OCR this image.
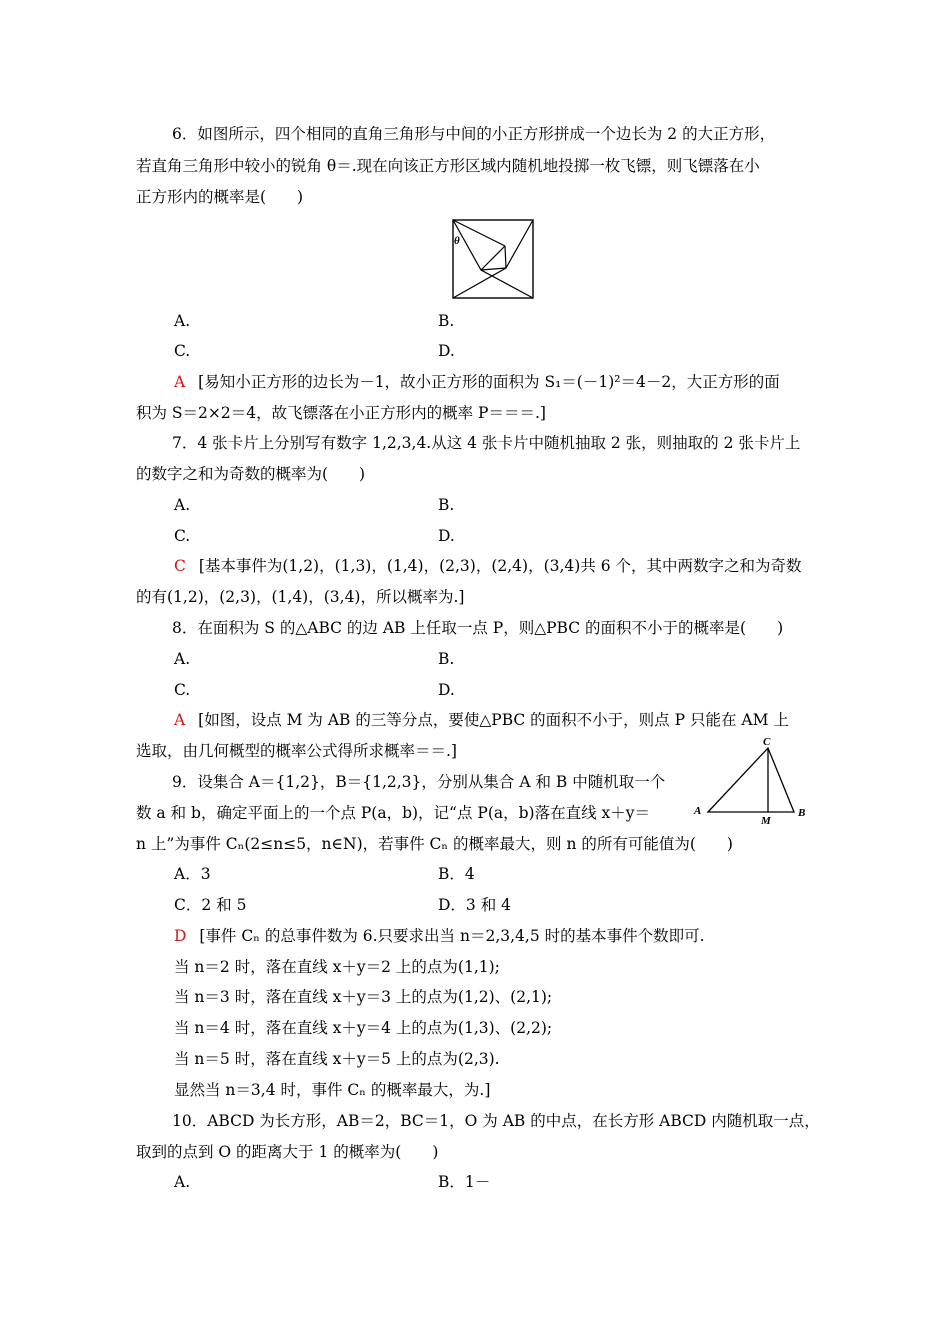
6．如图所示，四个相同的直角三角形与中间的小正方形拼成一个边长为 2 的大正方形，
若直角三角形中较小的锐角 θ＝.现在向该正方形区域内随机地投掷一枚飞镖，则飞镖落在小
正方形内的概率是(　　)
θ
A.	B.
C.	D.
A [易知小正方形的边长为－1，故小正方形的面积为 S₁＝(－1)²＝4－2，大正方形的面
积为 S＝2×2＝4，故飞镖落在小正方形内的概率 P＝＝＝.]
7．4 张卡片上分别写有数字 1,2,3,4.从这 4 张卡片中随机抽取 2 张，则抽取的 2 张卡片上
的数字之和为奇数的概率为(　　)
A.	B.
C.	D.
C [基本事件为(1,2)，(1,3)，(1,4)，(2,3)，(2,4)，(3,4)共 6 个，其中两数字之和为奇数
的有(1,2)，(2,3)，(1,4)，(3,4)，所以概率为.]
8．在面积为 S 的△ABC 的边 AB 上任取一点 P，则△PBC 的面积不小于的概率是(　　)
A.	B.
C.	D.
A [如图，设点 M 为 AB 的三等分点，要使△PBC 的面积不小于，则点 P 只能在 AM 上
选取，由几何概型的概率公式得所求概率＝＝.]	C
A	B
M
9．设集合 A＝{1,2}，B＝{1,2,3}，分别从集合 A 和 B 中随机取一个
数 a 和 b，确定平面上的一个点 P(a，b)，记“点 P(a，b)落在直线 x＋y＝
n 上”为事件 Cₙ(2≤n≤5，n∈N)，若事件 Cₙ 的概率最大，则 n 的所有可能值为(　　)
A．3	B．4
C．2 和 5	D．3 和 4
D [事件 Cₙ 的总事件数为 6.只要求出当 n＝2,3,4,5 时的基本事件个数即可.
当 n＝2 时，落在直线 x＋y＝2 上的点为(1,1);
当 n＝3 时，落在直线 x＋y＝3 上的点为(1,2)、(2,1);
当 n＝4 时，落在直线 x＋y＝4 上的点为(1,3)、(2,2);
当 n＝5 时，落在直线 x＋y＝5 上的点为(2,3).
显然当 n＝3,4 时，事件 Cₙ 的概率最大，为.]
10．ABCD 为长方形，AB＝2，BC＝1，O 为 AB 的中点，在长方形 ABCD 内随机取一点，
取到的点到 O 的距离大于 1 的概率为(　　)
A.	B．1－
